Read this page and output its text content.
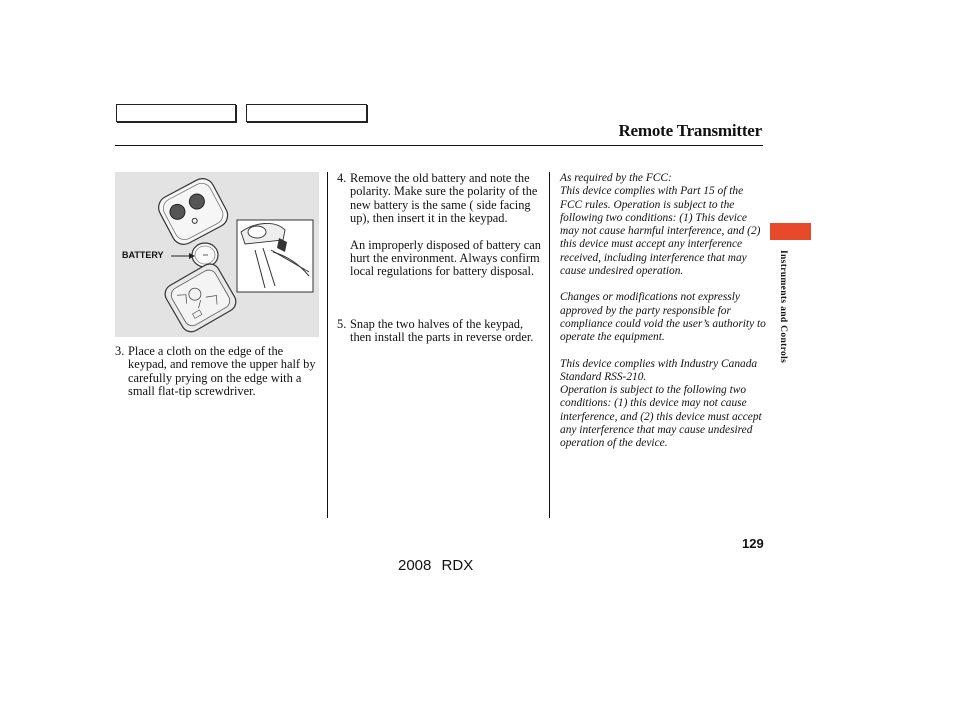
Remote Transmitter
BATTERY
3. Place a cloth on the edge of the keypad, and remove the upper half by carefully prying on the edge with a small flat-tip screwdriver.

4. Remove the old battery and note the polarity. Make sure the polarity of the new battery is the same ( side facing up), then insert it in the keypad.

An improperly disposed of battery can hurt the environment. Always confirm local regulations for battery disposal.

5. Snap the two halves of the keypad, then install the parts in reverse order.

As required by the FCC:

This device complies with Part 15 of the FCC rules. Operation is subject to the following two conditions: (1) This device may not cause harmful interference, and (2) this device must accept any interference received, including interference that may cause undesired operation.

Changes or modifications not expressly approved by the party responsible for compliance could void the user’s authority to operate the equipment.

This device complies with Industry Canada Standard RSS-210.

Operation is subject to the following two conditions: (1) this device may not cause interference, and (2) this device must accept any interference that may cause undesired operation of the device.

Instruments and Controls
129
2008 RDX
